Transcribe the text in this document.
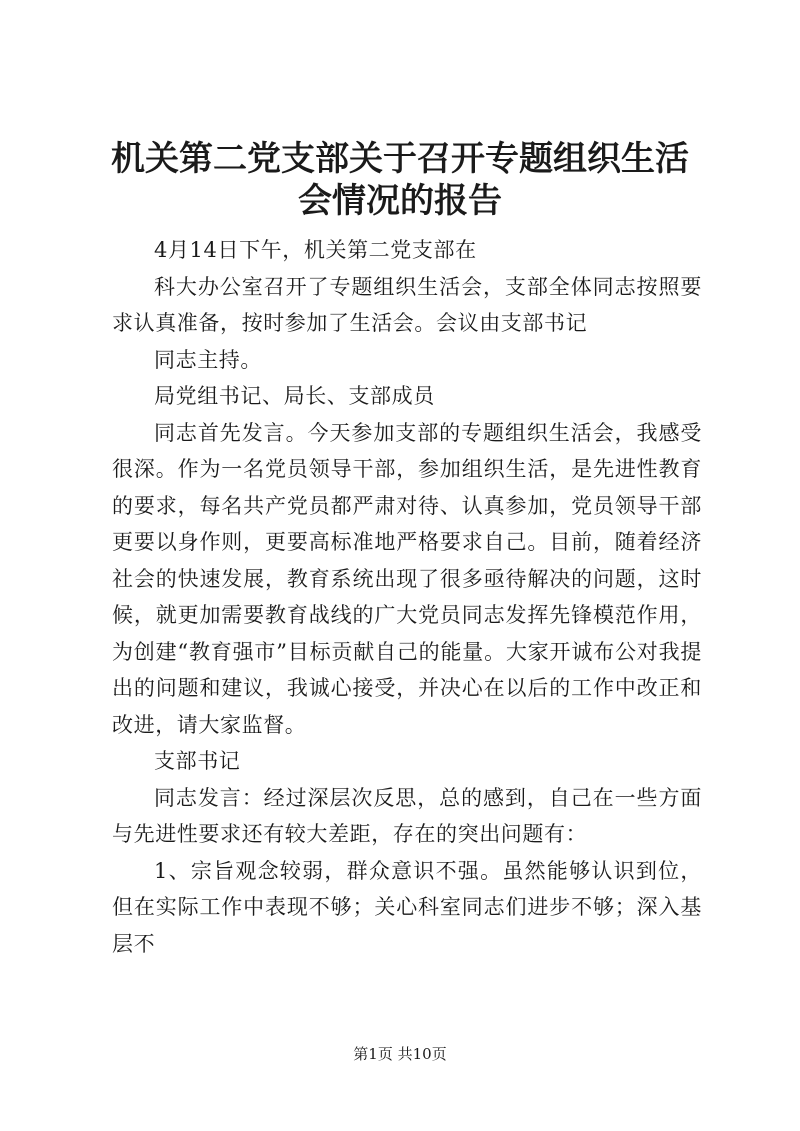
机关第二党支部关于召开专题组织生活会情况的报告

4月14日下午，机关第二党支部在

科大办公室召开了专题组织生活会，支部全体同志按照要求认真准备，按时参加了生活会。会议由支部书记

同志主持。

局党组书记、局长、支部成员

同志首先发言。今天参加支部的专题组织生活会，我感受很深。作为一名党员领导干部，参加组织生活，是先进性教育的要求，每名共产党员都严肃对待、认真参加，党员领导干部更要以身作则，更要高标准地严格要求自己。目前，随着经济社会的快速发展，教育系统出现了很多亟待解决的问题，这时候，就更加需要教育战线的广大党员同志发挥先锋模范作用，为创建“教育强市”目标贡献自己的能量。大家开诚布公对我提出的问题和建议，我诚心接受，并决心在以后的工作中改正和改进，请大家监督。

支部书记

同志发言：经过深层次反思，总的感到，自己在一些方面与先进性要求还有较大差距，存在的突出问题有：

1、宗旨观念较弱，群众意识不强。虽然能够认识到位，但在实际工作中表现不够；关心科室同志们进步不够；深入基层不

第1页 共10页
